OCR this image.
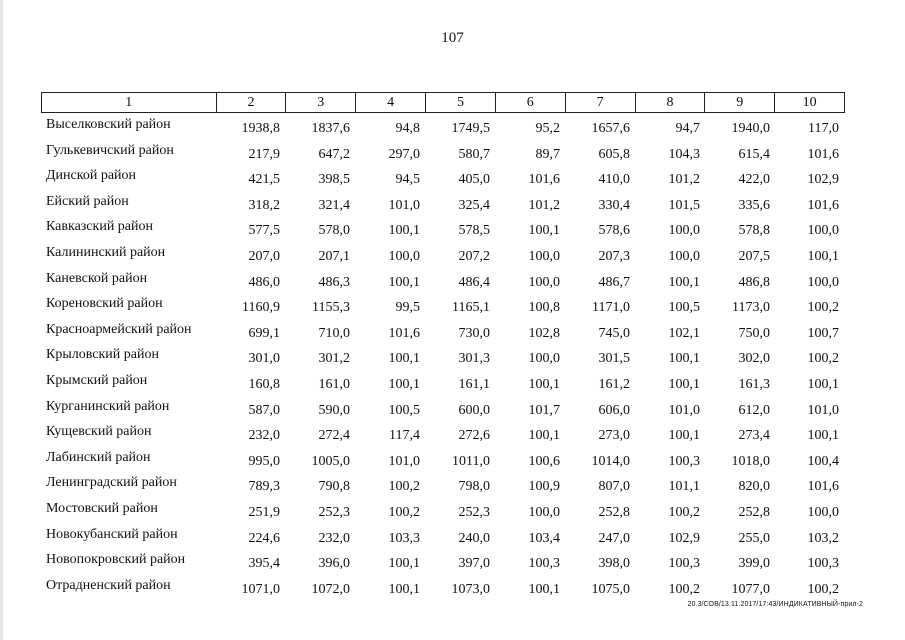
107
1	2	3	4	5	6	7	8	9	10
Выселковский район	1938,8	1837,6	94,8	1749,5	95,2	1657,6	94,7	1940,0	117,0
Гулькевичский район	217,9	647,2	297,0	580,7	89,7	605,8	104,3	615,4	101,6
Динской район	421,5	398,5	94,5	405,0	101,6	410,0	101,2	422,0	102,9
Ейский район	318,2	321,4	101,0	325,4	101,2	330,4	101,5	335,6	101,6
Кавказский район	577,5	578,0	100,1	578,5	100,1	578,6	100,0	578,8	100,0
Калининский район	207,0	207,1	100,0	207,2	100,0	207,3	100,0	207,5	100,1
Каневской район	486,0	486,3	100,1	486,4	100,0	486,7	100,1	486,8	100,0
Кореновский район	1160,9	1155,3	99,5	1165,1	100,8	1171,0	100,5	1173,0	100,2
Красноармейский район	699,1	710,0	101,6	730,0	102,8	745,0	102,1	750,0	100,7
Крыловский район	301,0	301,2	100,1	301,3	100,0	301,5	100,1	302,0	100,2
Крымский район	160,8	161,0	100,1	161,1	100,1	161,2	100,1	161,3	100,1
Курганинский район	587,0	590,0	100,5	600,0	101,7	606,0	101,0	612,0	101,0
Кущевский район	232,0	272,4	117,4	272,6	100,1	273,0	100,1	273,4	100,1
Лабинский район	995,0	1005,0	101,0	1011,0	100,6	1014,0	100,3	1018,0	100,4
Ленинградский район	789,3	790,8	100,2	798,0	100,9	807,0	101,1	820,0	101,6
Мостовский район	251,9	252,3	100,2	252,3	100,0	252,8	100,2	252,8	100,0
Новокубанский район	224,6	232,0	103,3	240,0	103,4	247,0	102,9	255,0	103,2
Новопокровский район	395,4	396,0	100,1	397,0	100,3	398,0	100,3	399,0	100,3
Отрадненский район	1071,0	1072,0	100,1	1073,0	100,1	1075,0	100,2	1077,0	100,2
20.3/СОВ/13.11.2017/17:43/ИНДИКАТИВНЫЙ-прил-2
